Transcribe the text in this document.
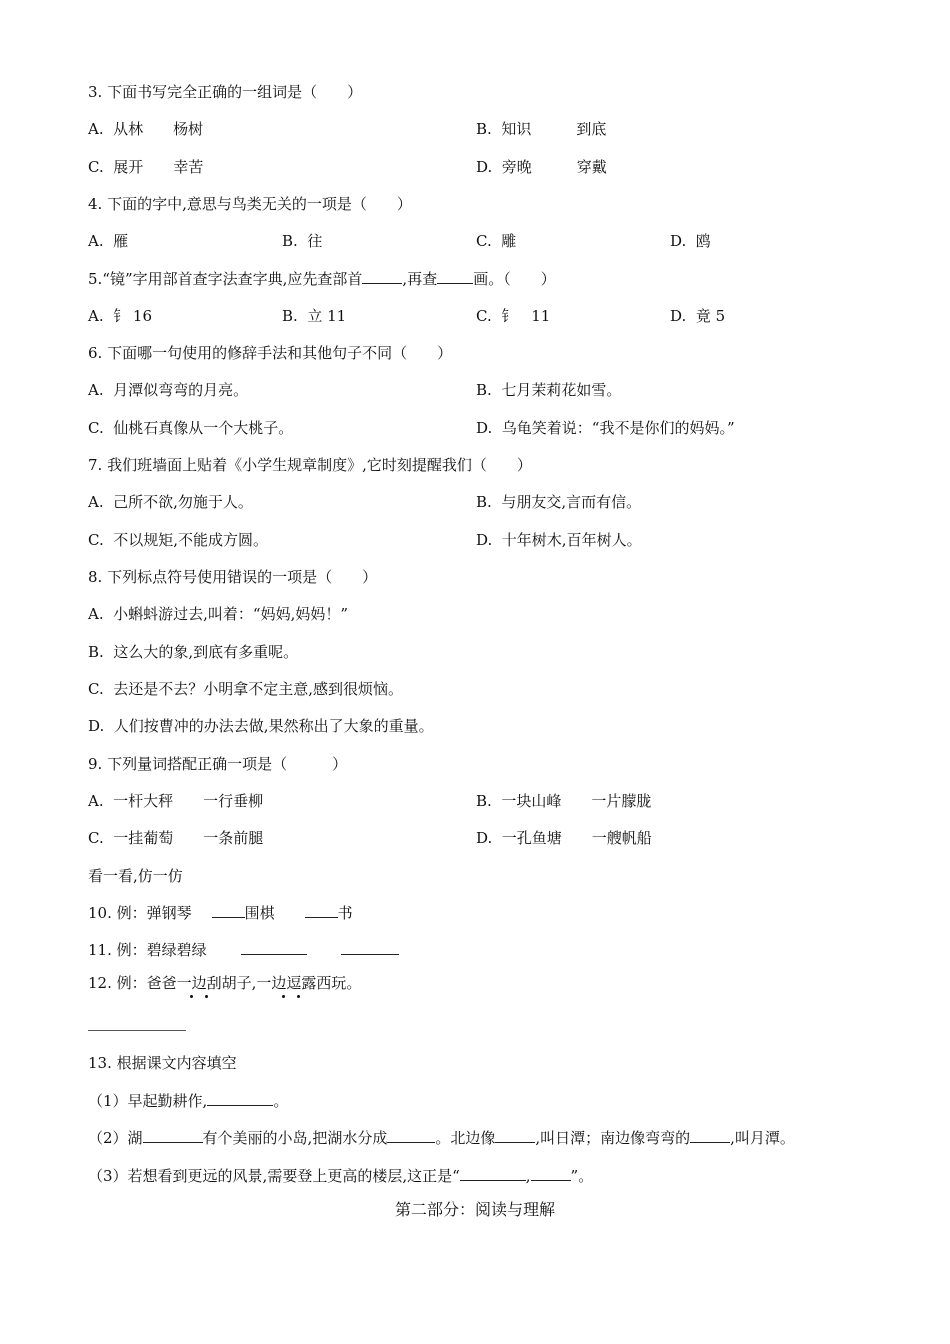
3. 下面书写完全正确的一组词是（　　）
A.  从林　　杨树	B.  知识　　　到底
C.  展开　　幸苦	D.  旁晚　　　穿戴
4. 下面的字中,意思与鸟类无关的一项是（　　）
A.  雁	B.  往	C.  雕	D.  鸥
5.“镜”字用部首查字法查字典,应先查部首	,再查 画。（　　）
A.  钅 16	B.  立 11	C.  钅　11	D.  竟 5
6. 下面哪一句使用的修辞手法和其他句子不同（　　）
A.  月潭似弯弯的月亮。	B.  七月茉莉花如雪。
C.  仙桃石真像从一个大桃子。	D.  乌龟笑着说：“我不是你们的妈妈。”
7. 我们班墙面上贴着《小学生规章制度》,它时刻提醒我们（　　）
A.  己所不欲,勿施于人。	B.  与朋友交,言而有信。
C.  不以规矩,不能成方圆。	D.  十年树木,百年树人。
8. 下列标点符号使用错误的一项是（　　）
A.  小蝌蚪游过去,叫着：“妈妈,妈妈！”
B.  这么大的象,到底有多重呢。
C.  去还是不去？小明拿不定主意,感到很烦恼。
D.  人们按曹冲的办法去做,果然称出了大象的重量。
9. 下列量词搭配正确一项是（　　　）
A.  一杆大秤　　一行垂柳	B.  一块山峰　　一片朦胧
C.  一挂葡萄　　一条前腿	D.  一孔鱼塘　　一艘帆船
看一看,仿一仿
10. 例：弹钢琴	围棋	书
11. 例：碧绿碧绿
12. 例：爸爸一边刮胡子,一边逗露西玩。
13. 根据课文内容填空
（1）早起勤耕作,	。
（2）湖	有个美丽的小岛,把湖水分成	。北边像	,叫日潭；南边像弯弯的	,叫月潭。
（3）若想看到更远的风景,需要登上更高的楼层,这正是“	,	”。
第二部分：阅读与理解
